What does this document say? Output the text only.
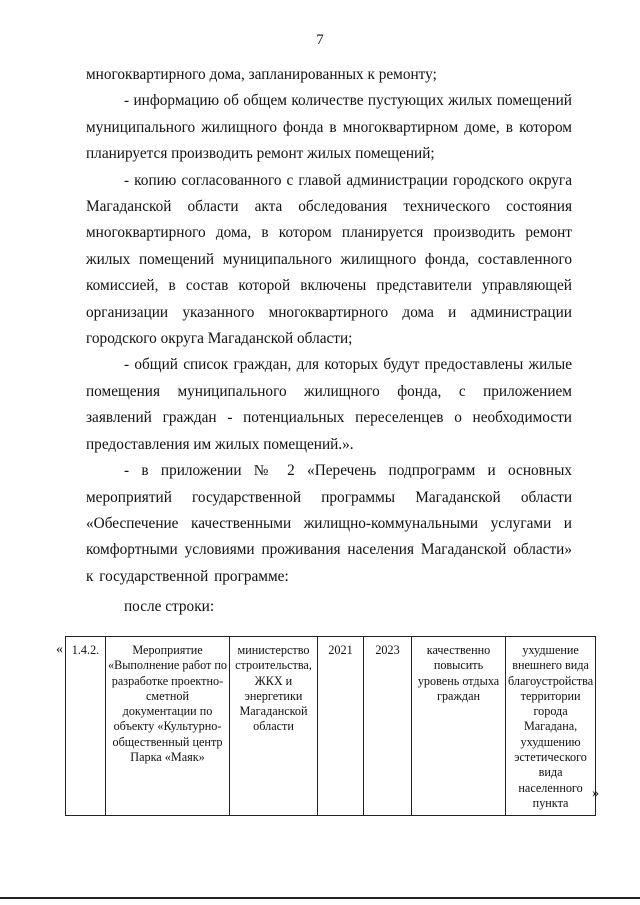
7

многоквартирного дома, запланированных к ремонту;

- информацию об общем количестве пустующих жилых помещений муниципального жилищного фонда в многоквартирном доме, в котором планируется производить ремонт жилых помещений;

- копию согласованного с главой администрации городского округа Магаданской области акта обследования технического состояния многоквартирного дома, в котором планируется производить ремонт жилых помещений муниципального жилищного фонда, составленного комиссией, в состав которой включены представители управляющей организации указанного многоквартирного дома и администрации городского округа Магаданской области;

- общий список граждан, для которых будут предоставлены жилые помещения муниципального жилищного фонда, с приложением заявлений граждан - потенциальных переселенцев о необходимости предоставления им жилых помещений.».

- в приложении № 2 «Перечень подпрограмм и основных мероприятий государственной программы Магаданской области «Обеспечение качественными жилищно-коммунальными услугами и комфортными условиями проживания населения Магаданской области» к государственной программе:

после строки:
« 1.4.2.	Мероприятие «Выполнение работ по разработке проектно-сметной документации по объекту «Культурно-общественный центр Парка «Маяк»	министерство строительства, ЖКХ и энергетики Магаданской области	2021	2023	качественно повысить уровень отдыха граждан	ухудшение внешнего вида благоустройства территории города Магадана, ухудшению эстетического вида населенного пункта
»
